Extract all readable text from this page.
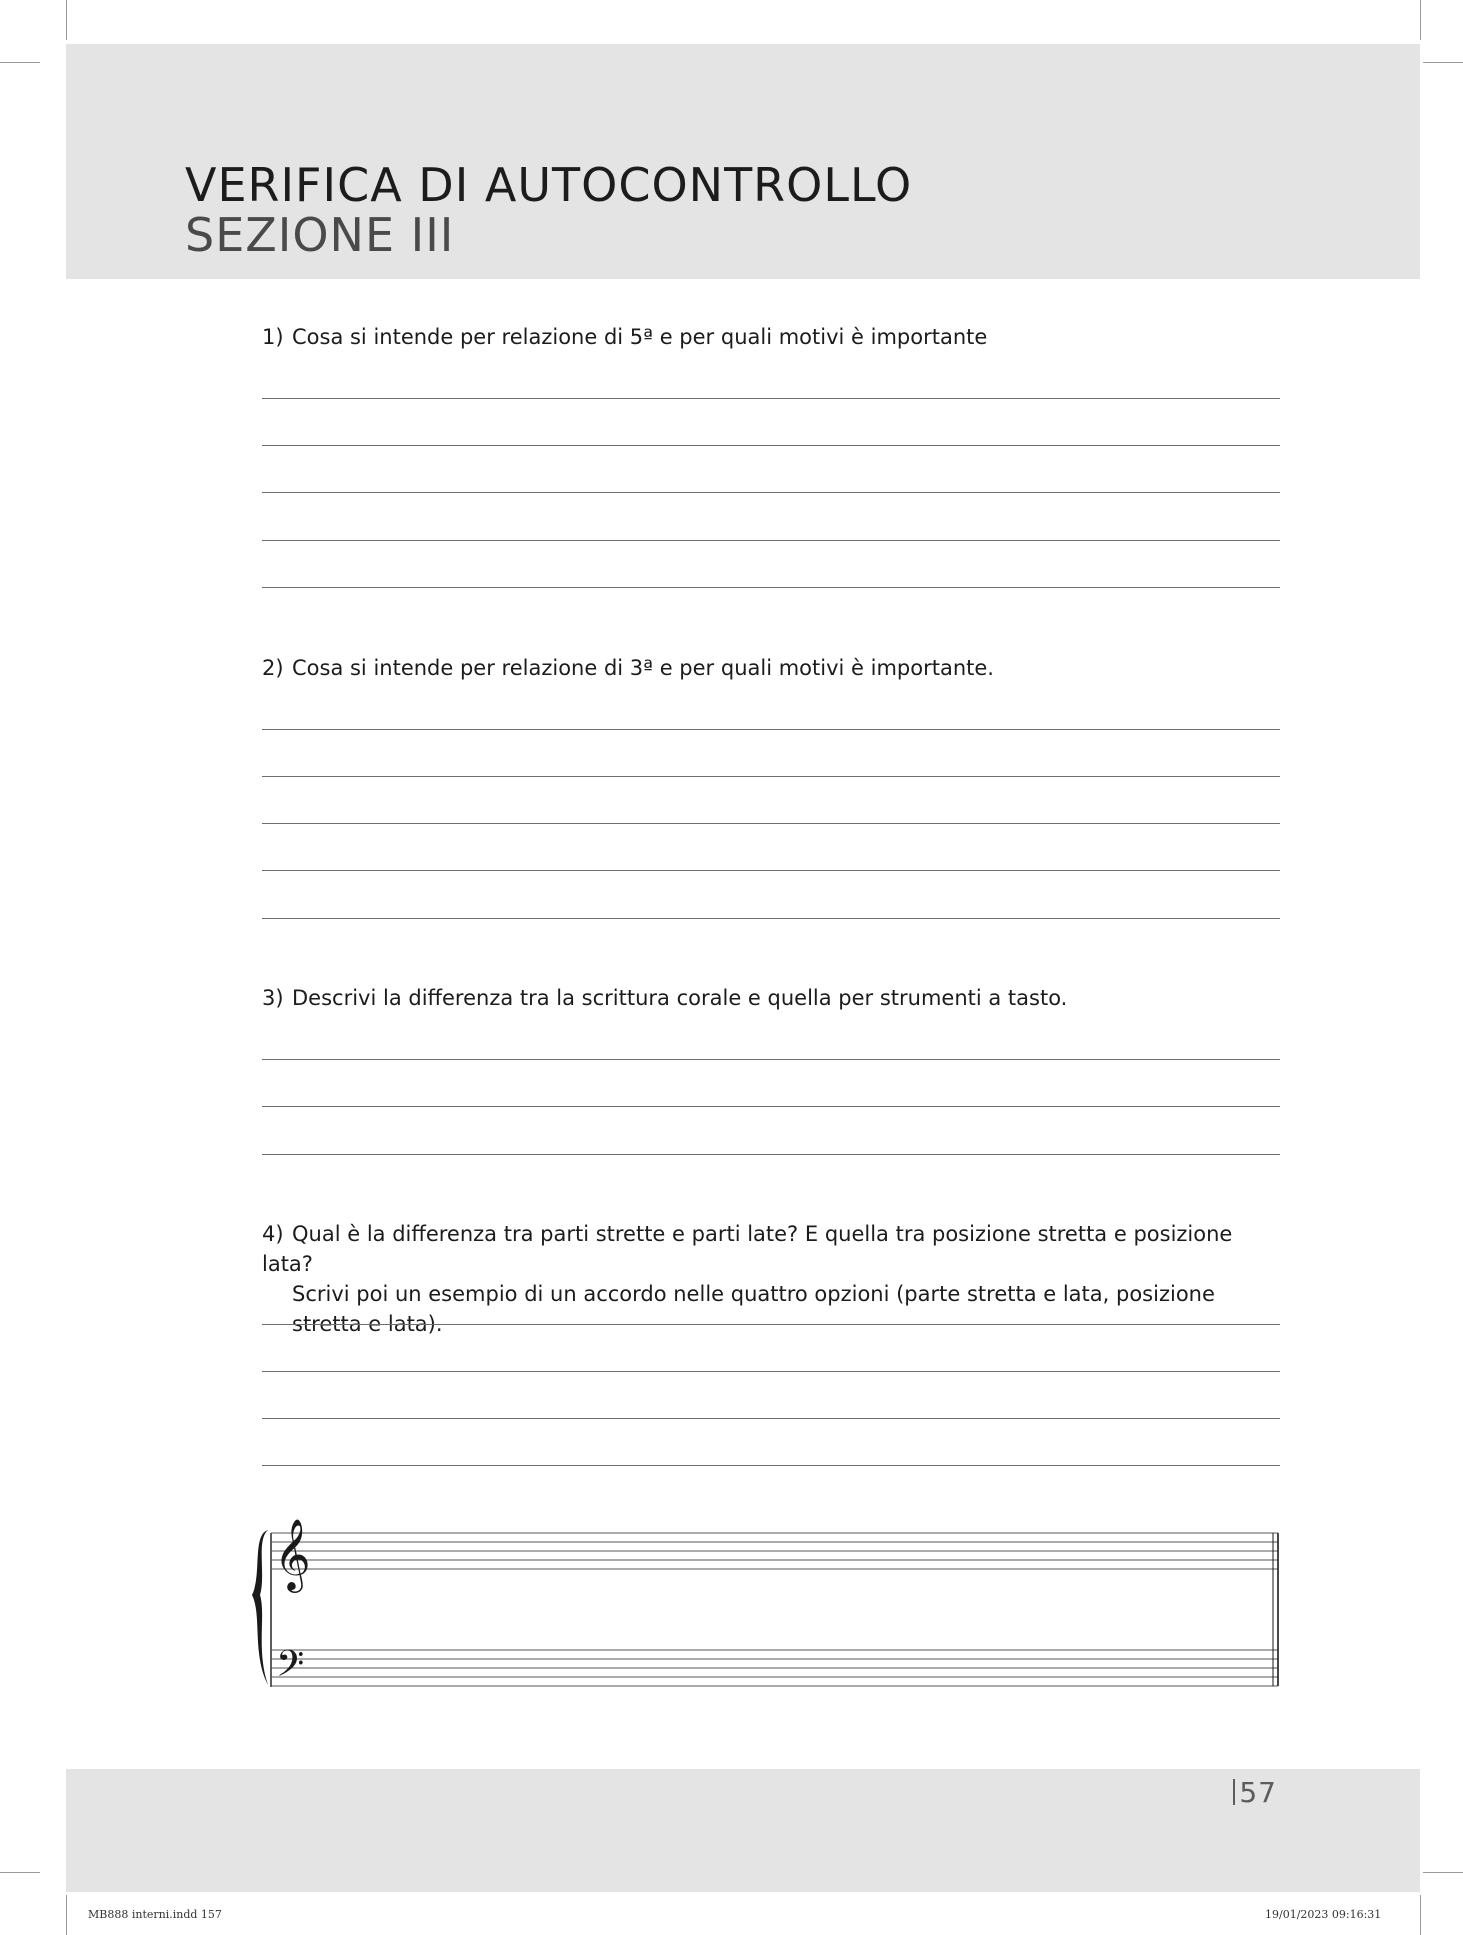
VERIFICA DI AUTOCONTROLLO
SEZIONE III

1) Cosa si intende per relazione di 5ª e per quali motivi è importante

2) Cosa si intende per relazione di 3ª e per quali motivi è importante.

3) Descrivi la differenza tra la scrittura corale e quella per strumenti a tasto.

4) Qual è la differenza tra parti strette e parti late? E quella tra posizione stretta e posizione lata?
Scrivi poi un esempio di un accordo nelle quattro opzioni (parte stretta e lata, posizione stretta e lata).

𝄞
𝄢
57
MB888 interni.indd 157	19/01/2023 09:16:31
